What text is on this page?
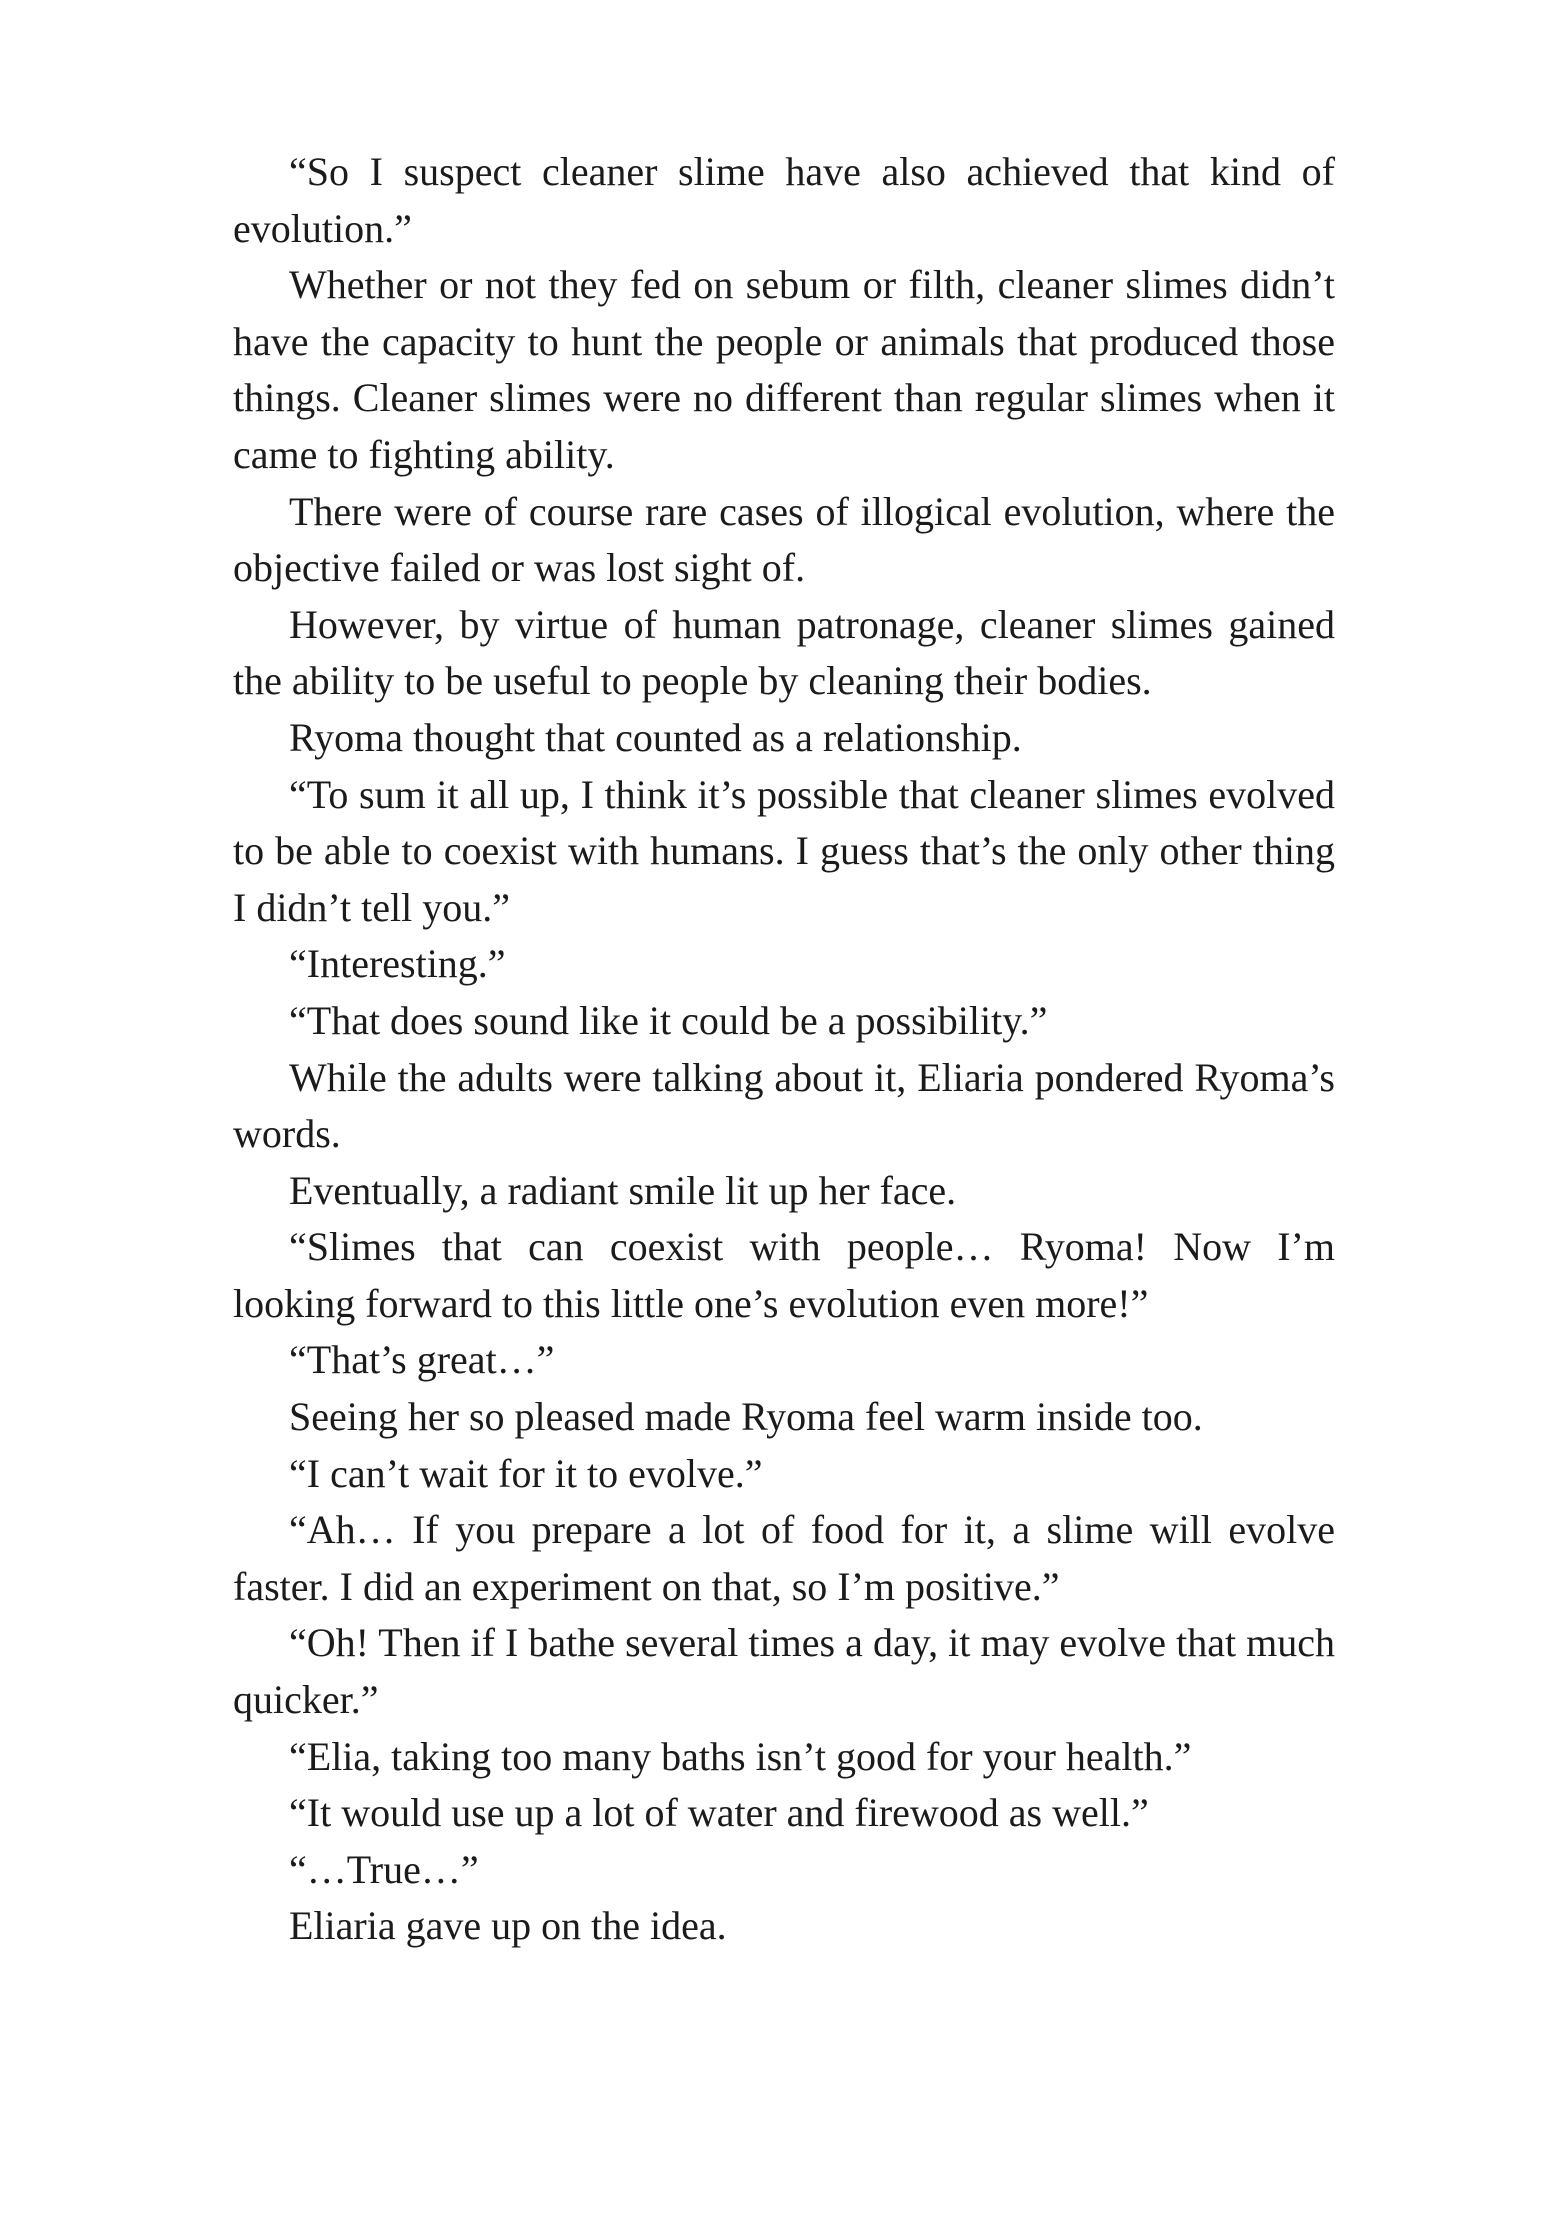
“So I suspect cleaner slime have also achieved that kind of evolution.”

Whether or not they fed on sebum or filth, cleaner slimes didn’t have the capacity to hunt the people or animals that produced those things. Cleaner slimes were no different than regular slimes when it came to fighting ability.

There were of course rare cases of illogical evolution, where the objective failed or was lost sight of.

However, by virtue of human patronage, cleaner slimes gained the ability to be useful to people by cleaning their bodies.

Ryoma thought that counted as a relationship.

“To sum it all up, I think it’s possible that cleaner slimes evolved to be able to coexist with humans. I guess that’s the only other thing I didn’t tell you.”

“Interesting.”

“That does sound like it could be a possibility.”

While the adults were talking about it, Eliaria pondered Ryoma’s words.

Eventually, a radiant smile lit up her face.

“Slimes that can coexist with people… Ryoma! Now I’m looking forward to this little one’s evolution even more!”

“That’s great…”

Seeing her so pleased made Ryoma feel warm inside too.

“I can’t wait for it to evolve.”

“Ah… If you prepare a lot of food for it, a slime will evolve faster. I did an experiment on that, so I’m positive.”

“Oh! Then if I bathe several times a day, it may evolve that much quicker.”

“Elia, taking too many baths isn’t good for your health.”

“It would use up a lot of water and firewood as well.”

“…True…”

Eliaria gave up on the idea.
